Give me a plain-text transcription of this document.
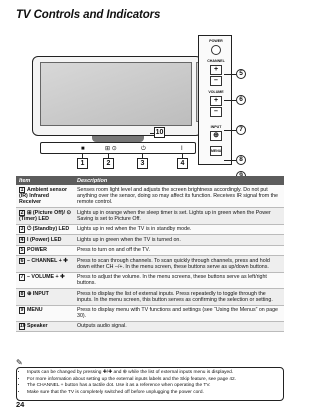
TV Controls and Indicators
POWER
CHANNEL
+
–
VOLUME
+
–
INPUT
⊕
MENU
5
6
7
8
10
■	⊞ ⊙	⏻	I
1	2	3	4
Item	Description
1 Ambient sensor (IR) Infrared Receiver	Senses room light level and adjusts the screen brightness accordingly. Do not put anything over the sensor, doing so may affect its function. Receives IR signal from the remote control.
2 ⊞ (Picture Off)/ ⊙ (Timer) LED	Lights up in orange when the sleep timer is set. Lights up in green when the Power Saving is set to Picture Off.
3 ⏻ (Standby) LED	Lights up in red when the TV is in standby mode.
4 I (Power) LED	Lights up in green when the TV is turned on.
5 POWER	Press to turn on and off the TV.
6 – CHANNEL + ✚	Press to scan through channels. To scan quickly through channels, press and hold down either CH –/+. In the menu screen, these buttons serve as up/down buttons.
7 – VOLUME + ✚	Press to adjust the volume. In the menu screens, these buttons serve as left/right buttons.
8 ⊕ INPUT	Press to display the list of external inputs. Press repeatedly to toggle through the inputs. In the menu screen, this button serves as confirming the selection or setting.
9 MENU	Press to display menu with TV functions and settings (see “Using the Menus” on page 30).
10Speaker	Outputs audio signal.
✎
• Inputs can be changed by pressing ✚/✚ and ⊕ while the list of external inputs menu is displayed.
• For more information about setting up the external inputs labels and the Skip feature, see page 42.
• The CHANNEL + button has a tactile dot. Use it as a reference when operating the TV.
• Make sure that the TV is completely switched off before unplugging the power cord.
24
